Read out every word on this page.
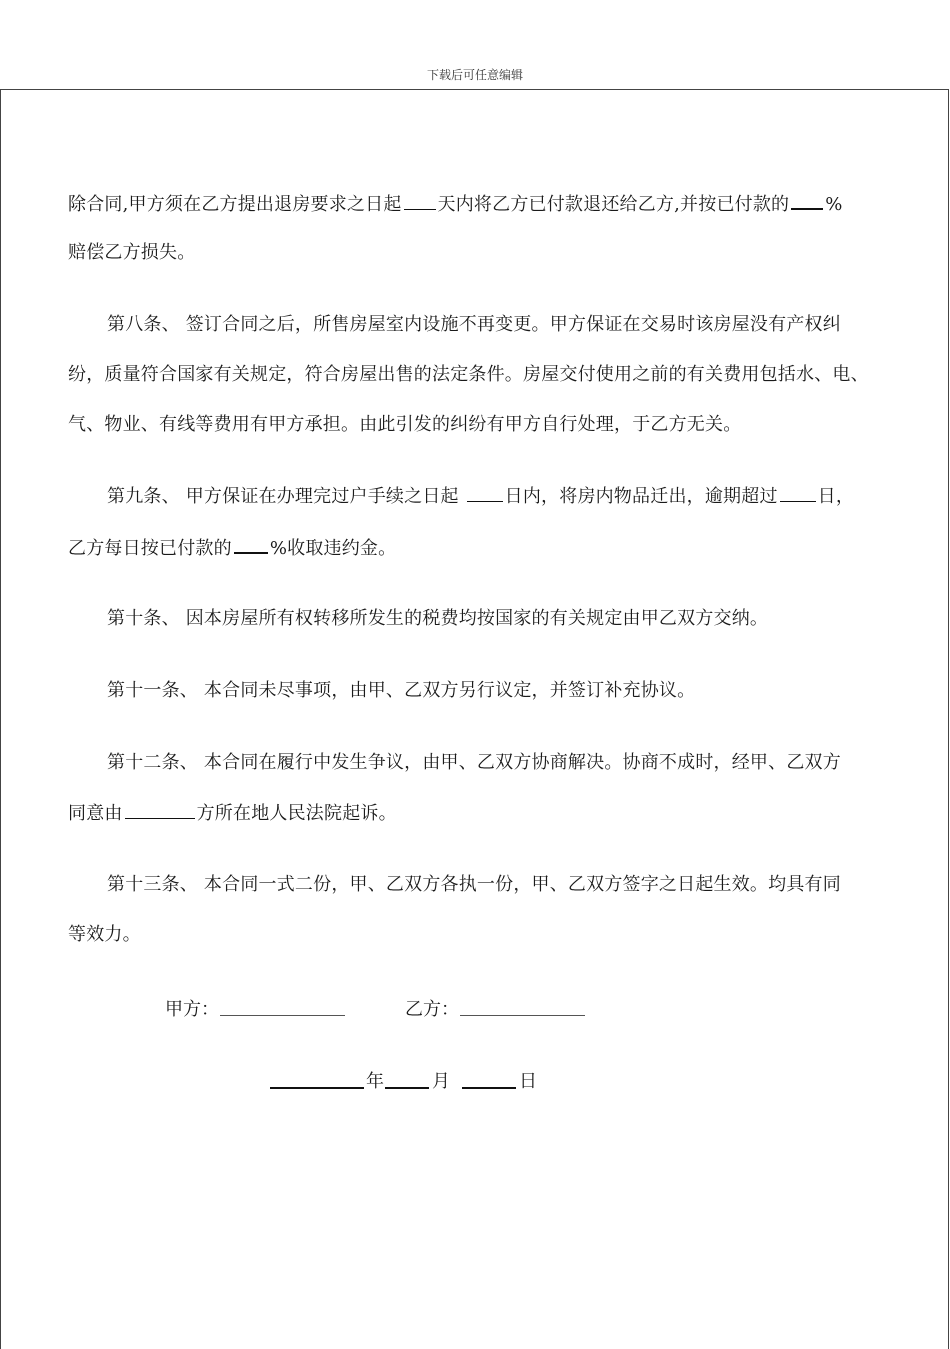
下载后可任意编辑
除合同,甲方须在乙方提出退房要求之日起 天内将乙方已付款退还给乙方,并按已付款的 %
赔偿乙方损失。
第八条、 签订合同之后，所售房屋室内设施不再变更。甲方保证在交易时该房屋没有产权纠
纷，质量符合国家有关规定，符合房屋出售的法定条件。房屋交付使用之前的有关费用包括水、电、
气、物业、有线等费用有甲方承担。由此引发的纠纷有甲方自行处理，于乙方无关。
第九条、 甲方保证在办理完过户手续之日起	日内，将房内物品迁出，逾期超过 日，
乙方每日按已付款的 %收取违约金。
第十条、 因本房屋所有权转移所发生的税费均按国家的有关规定由甲乙双方交纳。
第十一条、 本合同未尽事项，由甲、乙双方另行议定，并签订补充协议。
第十二条、 本合同在履行中发生争议，由甲、乙双方协商解决。协商不成时，经甲、乙双方
同意由	方所在地人民法院起诉。
第十三条、 本合同一式二份，甲、乙双方各执一份，甲、乙双方签字之日起生效。均具有同
等效力。
甲方：	乙方：
年	月	日
